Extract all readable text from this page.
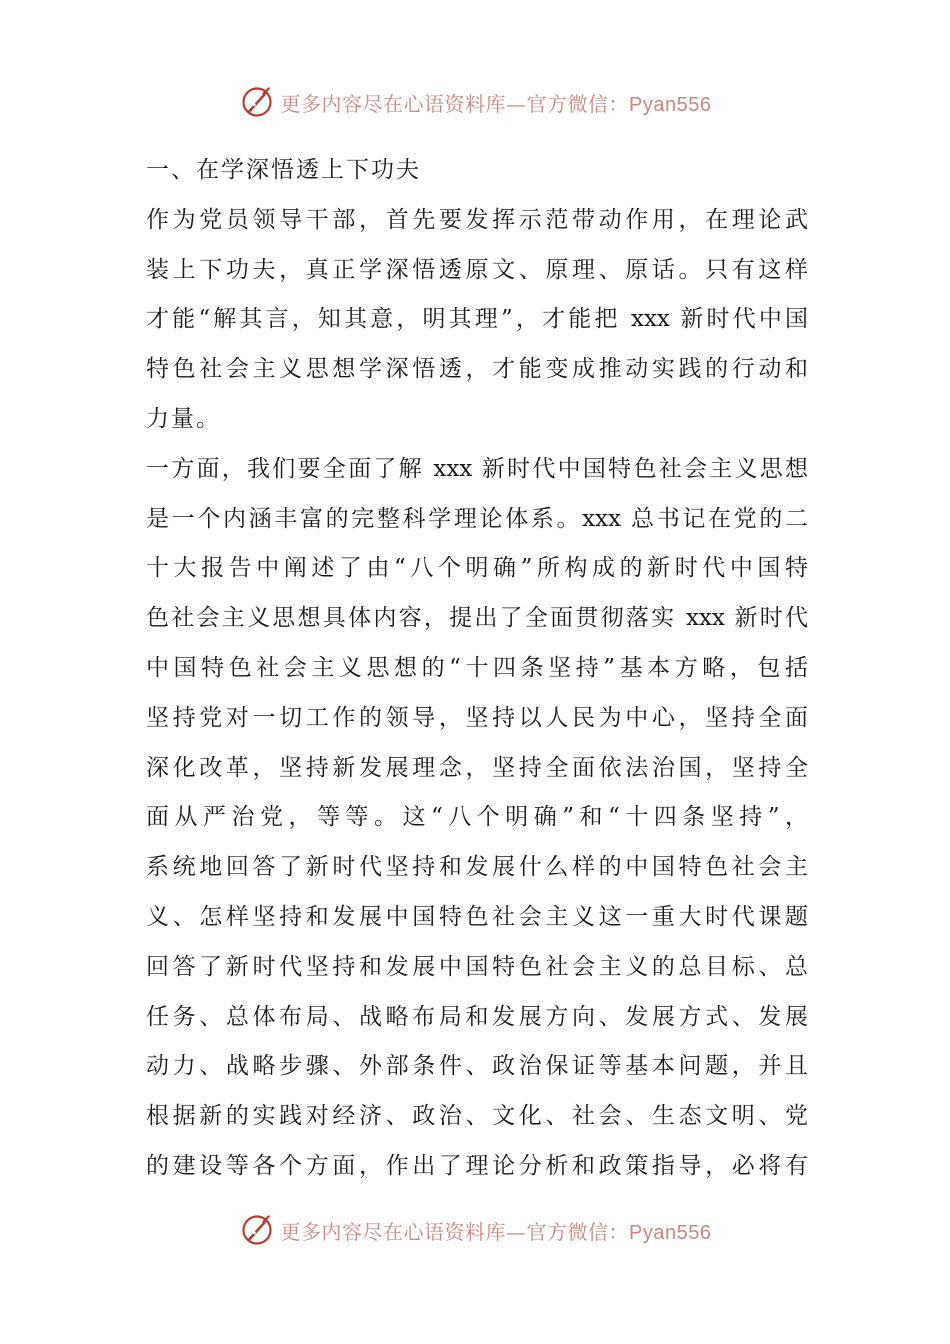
更多内容尽在心语资料库—官方微信：Pyan556
一、在学深悟透上下功夫
作为党员领导干部，首先要发挥示范带动作用，在理论武
装上下功夫，真正学深悟透原文、原理、原话。只有这样
才能“解其言，知其意，明其理”，才能把 xxx 新时代中国
特色社会主义思想学深悟透，才能变成推动实践的行动和
力量。
一方面，我们要全面了解 xxx 新时代中国特色社会主义思想
是一个内涵丰富的完整科学理论体系。xxx 总书记在党的二
十大报告中阐述了由“八个明确”所构成的新时代中国特
色社会主义思想具体内容，提出了全面贯彻落实 xxx 新时代
中国特色社会主义思想的“十四条坚持”基本方略，包括
坚持党对一切工作的领导，坚持以人民为中心，坚持全面
深化改革，坚持新发展理念，坚持全面依法治国，坚持全
面从严治党，等等。这“八个明确”和“十四条坚持”，
系统地回答了新时代坚持和发展什么样的中国特色社会主
义、怎样坚持和发展中国特色社会主义这一重大时代课题
回答了新时代坚持和发展中国特色社会主义的总目标、总
任务、总体布局、战略布局和发展方向、发展方式、发展
动力、战略步骤、外部条件、政治保证等基本问题，并且
根据新的实践对经济、政治、文化、社会、生态文明、党
的建设等各个方面，作出了理论分析和政策指导，必将有
更多内容尽在心语资料库—官方微信：Pyan556
